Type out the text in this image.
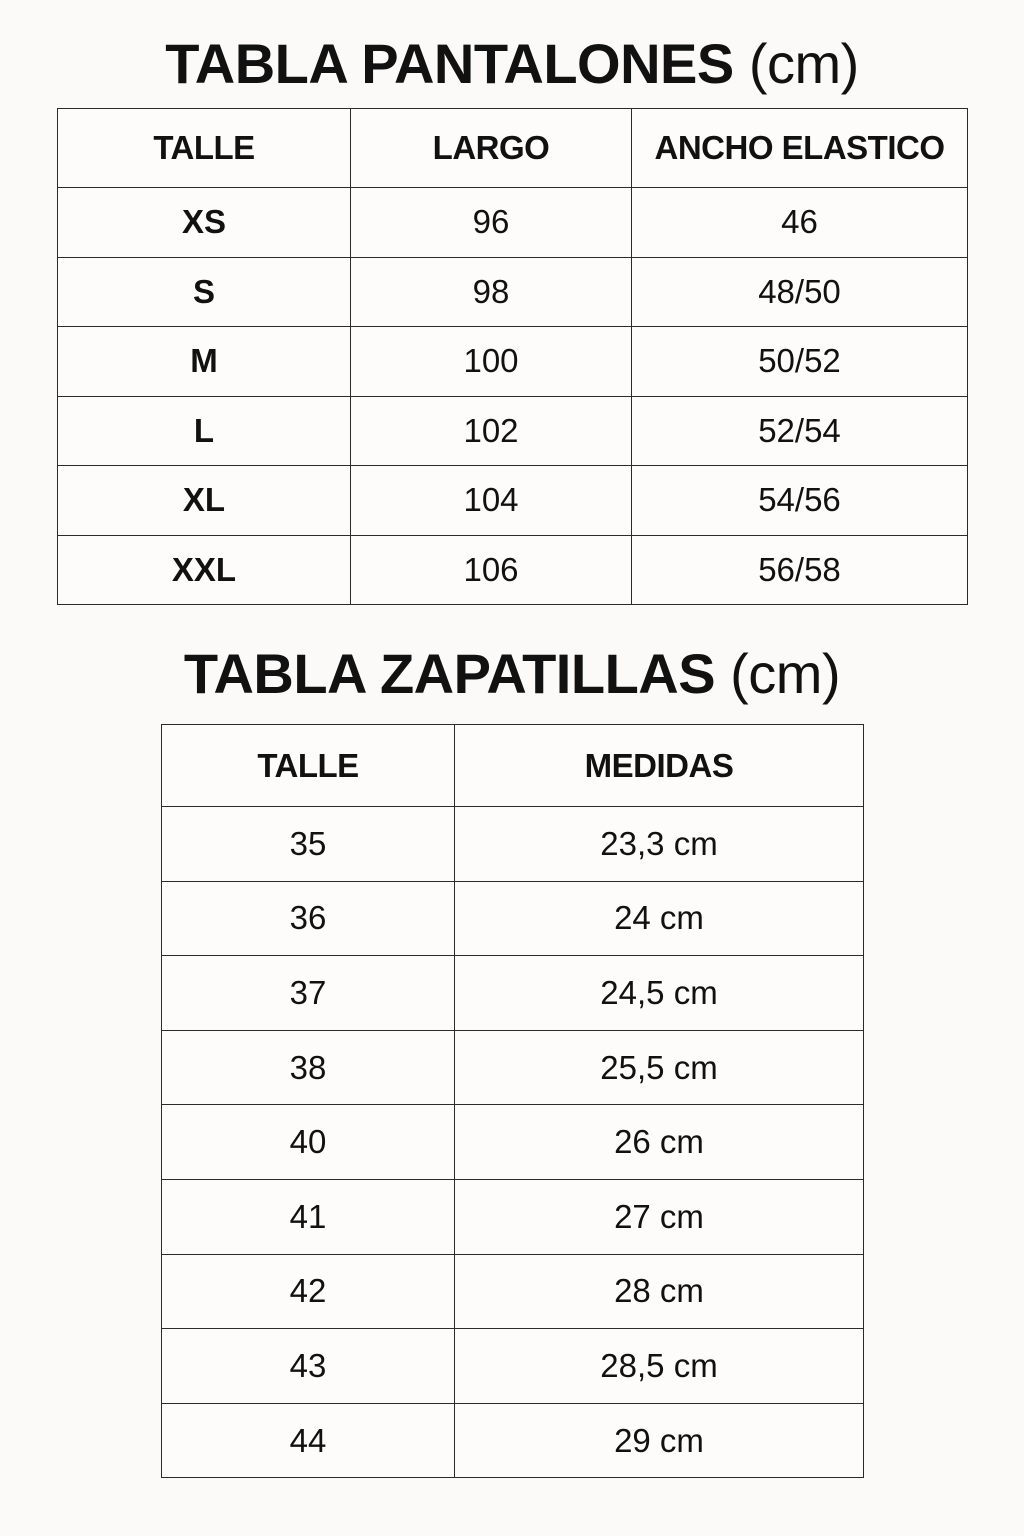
TABLA PANTALONES (cm)
TALLE	LARGO	ANCHO ELASTICO
XS	96	46
S	98	48/50
M	100	50/52
L	102	52/54
XL	104	54/56
XXL	106	56/58
TABLA ZAPATILLAS (cm)
TALLE	MEDIDAS
35	23,3 cm
36	24 cm
37	24,5 cm
38	25,5 cm
40	26 cm
41	27 cm
42	28 cm
43	28,5 cm
44	29 cm
